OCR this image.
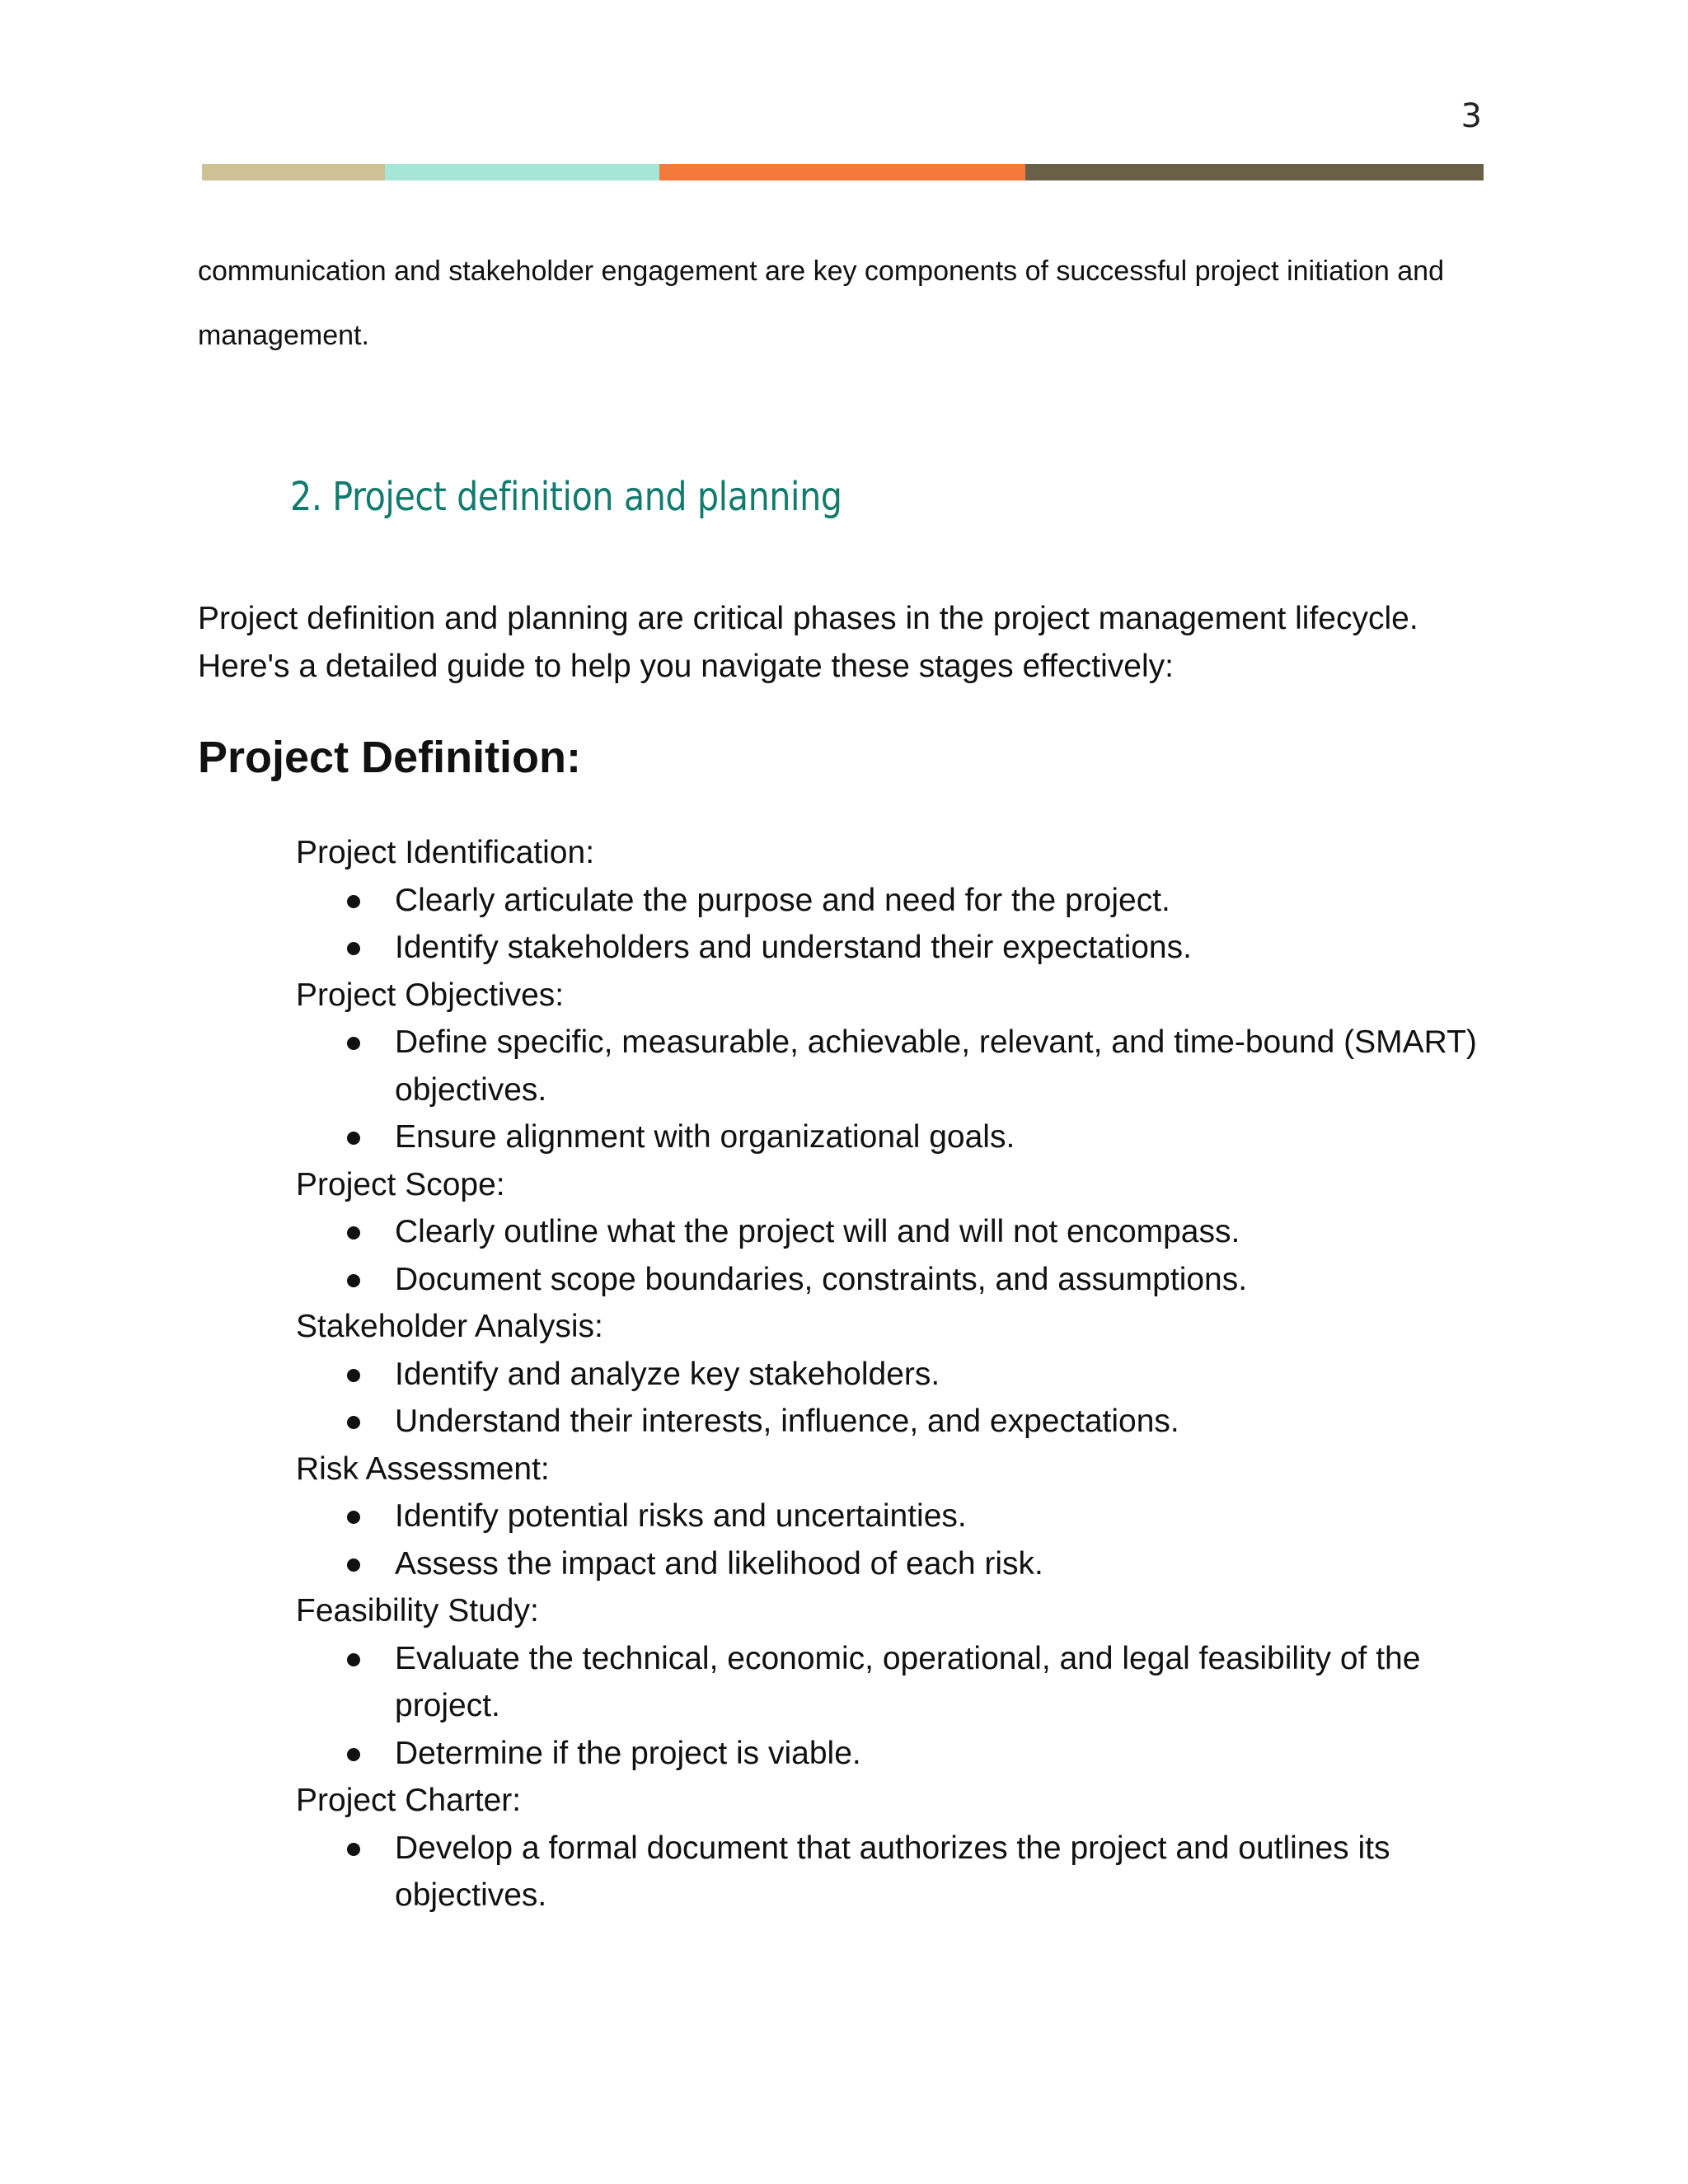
3

communication and stakeholder engagement are key components of successful project initiation and management.

2. Project definition and planning

Project definition and planning are critical phases in the project management lifecycle. Here's a detailed guide to help you navigate these stages effectively:

Project Definition:

Project Identification:

Clearly articulate the purpose and need for the project.
Identify stakeholders and understand their expectations.

Project Objectives:

Define specific, measurable, achievable, relevant, and time-bound (SMART) objectives.
Ensure alignment with organizational goals.

Project Scope:

Clearly outline what the project will and will not encompass.
Document scope boundaries, constraints, and assumptions.

Stakeholder Analysis:

Identify and analyze key stakeholders.
Understand their interests, influence, and expectations.

Risk Assessment:

Identify potential risks and uncertainties.
Assess the impact and likelihood of each risk.

Feasibility Study:

Evaluate the technical, economic, operational, and legal feasibility of the project.
Determine if the project is viable.

Project Charter:

Develop a formal document that authorizes the project and outlines its objectives.
